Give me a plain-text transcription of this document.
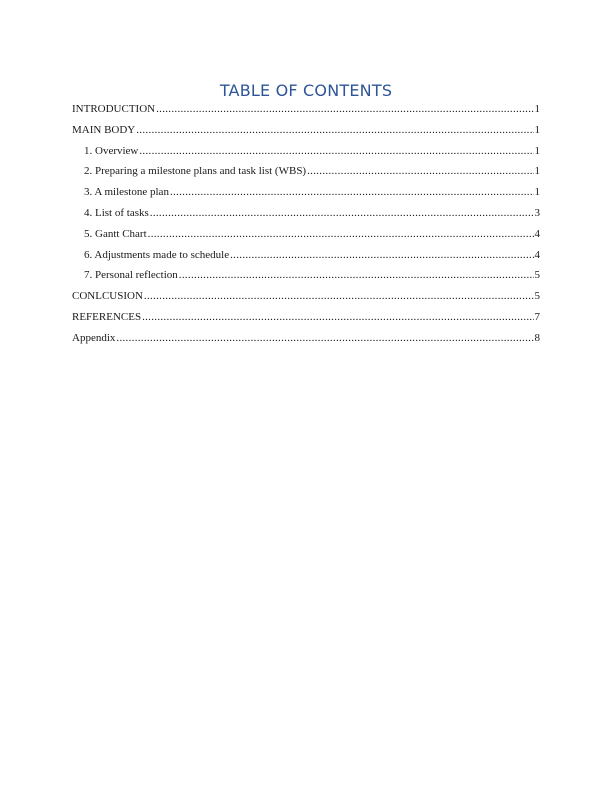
TABLE OF CONTENTS
INTRODUCTION .....	1
MAIN BODY .....	1
1. Overview .....	1
2. Preparing a milestone plans and task list (WBS) .....	1
3. A milestone plan .....	1
4. List of tasks .....	3
5. Gantt Chart .....	4
6. Adjustments made to schedule .....	4
7. Personal reflection .....	5
CONLCUSION .....	5
REFERENCES .....	7
Appendix .....	8
